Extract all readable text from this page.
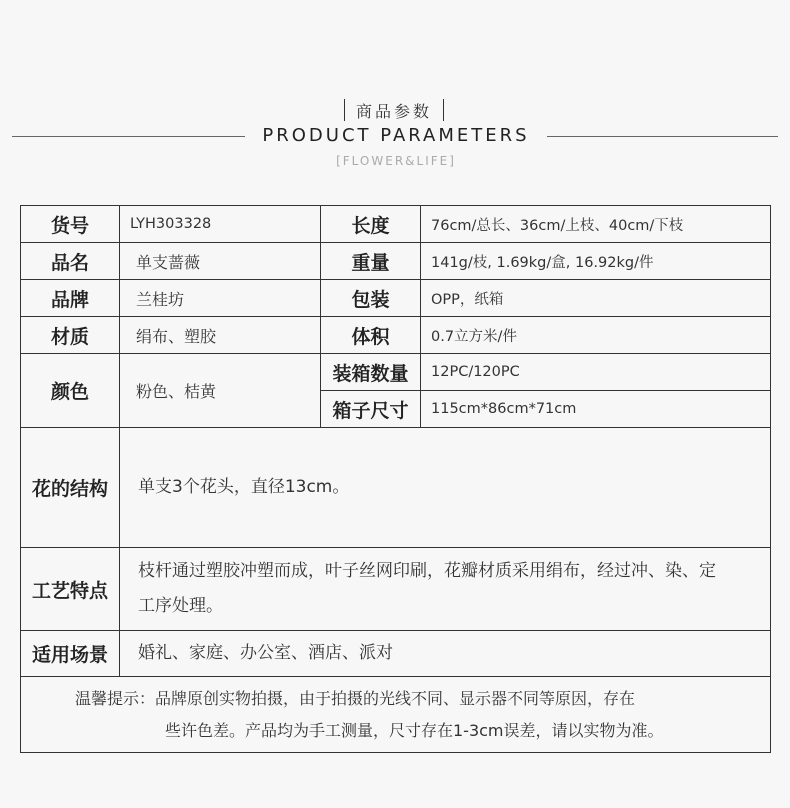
商品参数
PRODUCT PARAMETERS
[FLOWER&LIFE]
货号	LYH303328	长度	76cm/总长、36cm/上枝、40cm/下枝
品名	单支蔷薇	重量	141g/枝, 1.69kg/盒, 16.92kg/件
品牌	兰桂坊	包装	OPP，纸箱
材质	绢布、塑胶	体积	0.7立方米/件
颜色	粉色、桔黄	装箱数量	12PC/120PC
		箱子尺寸	115cm*86cm*71cm
花的结构	单支3个花头，直径13cm。		
工艺特点	枝杆通过塑胶冲塑而成，叶子丝网印刷，花瓣材质采用绢布，经过冲、染、定工序处理。		
适用场景	婚礼、家庭、办公室、酒店、派对		

温馨提示：品牌原创实物拍摄，由于拍摄的光线不同、显示器不同等原因，存在
些许色差。产品均为手工测量，尺寸存在1-3cm误差，请以实物为准。			
